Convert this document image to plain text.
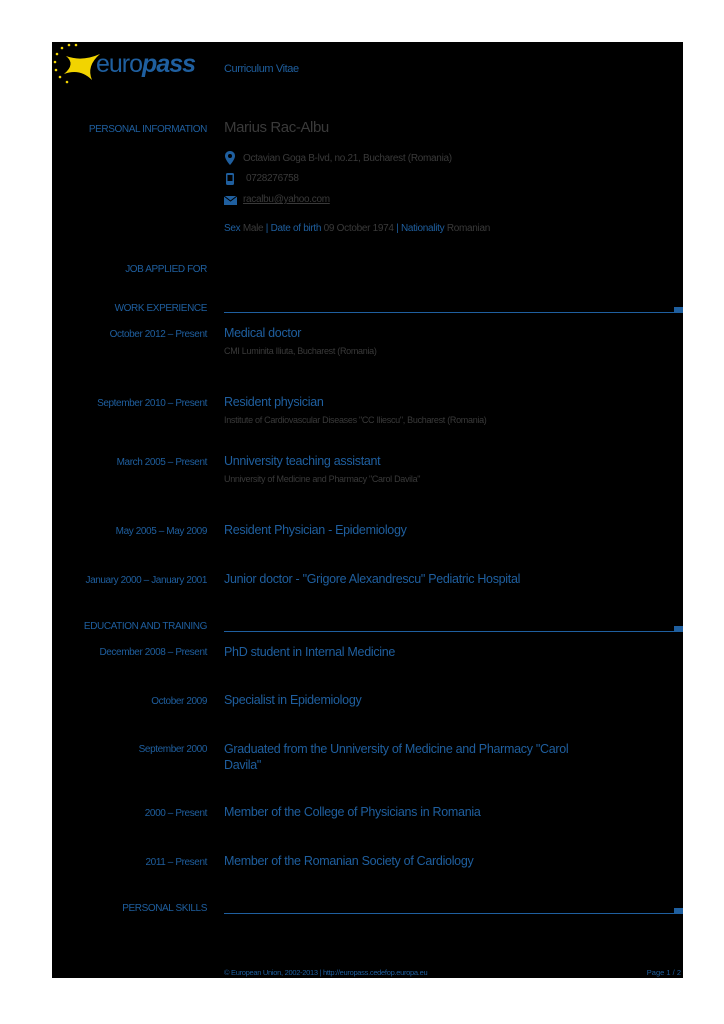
europass	Curriculum Vitae
PERSONAL INFORMATION Marius Rac-Albu
Octavian Goga B-lvd, no.21, Bucharest (Romania)
0728276758
racalbu@yahoo.com
Sex Male | Date of birth 09 October 1974 | Nationality Romanian
JOB APPLIED FOR
WORK EXPERIENCE
October 2012 – Present Medical doctor
CMI Luminita Iliuta, Bucharest (Romania)
September 2010 – Present Resident physician
Institute of Cardiovascular Diseases "CC Iliescu", Bucharest (Romania)
March 2005 – Present Unniversity teaching assistant
Unniversity of Medicine and Pharmacy "Carol Davila"
May 2005 – May 2009 Resident Physician - Epidemiology
January 2000 – January 2001 Junior doctor - "Grigore Alexandrescu" Pediatric Hospital
EDUCATION AND TRAINING
December 2008 – Present PhD student in Internal Medicine
October 2009 Specialist in Epidemiology
September 2000 Graduated from the Unniversity of Medicine and Pharmacy "Carol Davila"
2000 – Present Member of the College of Physicians in Romania
2011 – Present Member of the Romanian Society of Cardiology
PERSONAL SKILLS
© European Union, 2002-2013 | http://europass.cedefop.europa.eu	Page 1 / 2
